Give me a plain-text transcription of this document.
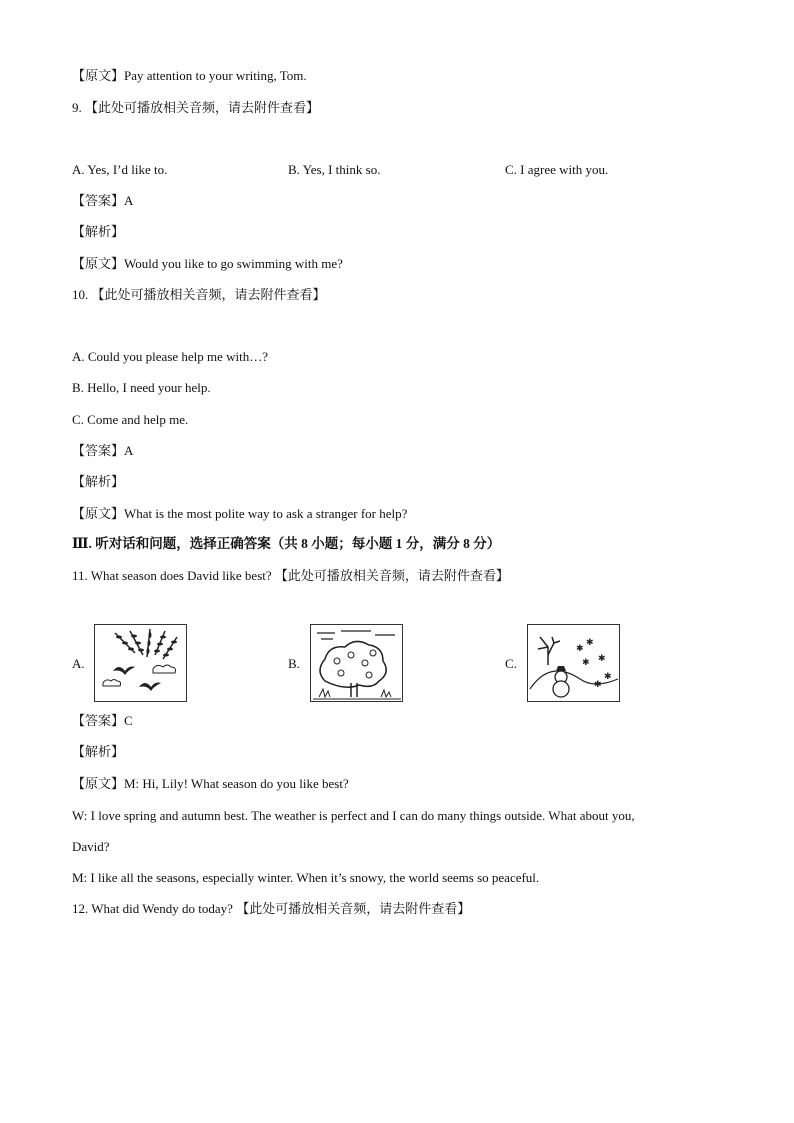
【原文】Pay attention to your writing, Tom.
9. 【此处可播放相关音频，请去附件查看】
A. Yes, I’d like to.	B. Yes, I think so.	C. I agree with you.
【答案】A
【解析】
【原文】Would you like to go swimming with me?
10. 【此处可播放相关音频，请去附件查看】
A. Could you please help me with…?
B. Hello, I need your help.
C. Come and help me.
【答案】A
【解析】
【原文】What is the most polite way to ask a stranger for help?
Ⅲ. 听对话和问题，选择正确答案（共 8 小题；每小题 1 分，满分 8 分）
11. What season does David like best? 【此处可播放相关音频，请去附件查看】
A.	B.	C.
✱
✱
✱
✱
✱
✱
【答案】C
【解析】
【原文】M: Hi, Lily! What season do you like best?
W: I love spring and autumn best. The weather is perfect and I can do many things outside. What about you,
David?
M: I like all the seasons, especially winter. When it’s snowy, the world seems so peaceful.
12. What did Wendy do today? 【此处可播放相关音频，请去附件查看】
